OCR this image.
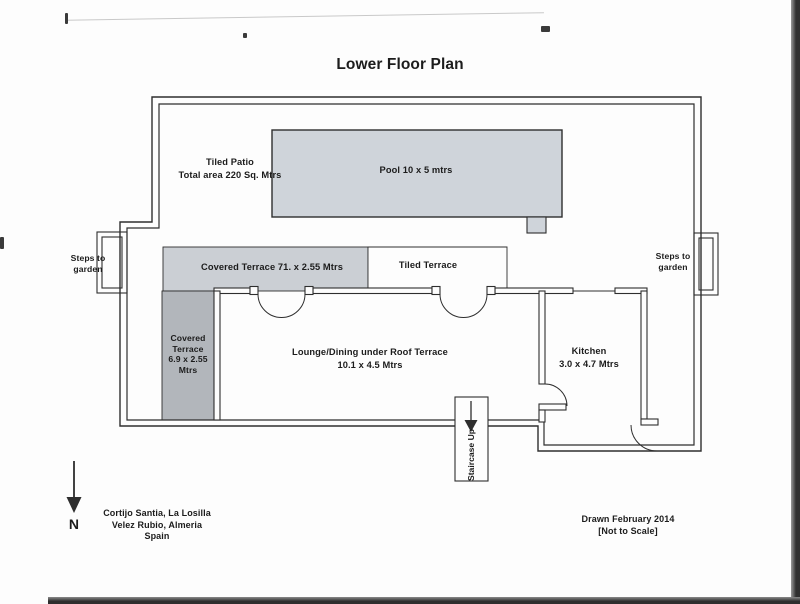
Lower Floor Plan
Tiled Patio
Total area 220 Sq. Mtrs	Pool 10 x 5 mtrs
Covered Terrace 71. x 2.55 Mtrs	Tiled Terrace
Steps to
garden
Steps to
garden
Covered
Terrace
6.9 x 2.55
Mtrs
Lounge/Dining under Roof Terrace
10.1 x 4.5 Mtrs
Kitchen
3.0 x 4.7 Mtrs
Staircase Up
N
Cortijo Santia, La Losilla
Velez Rubio, Almeria
Spain
Drawn February 2014
[Not to Scale]
